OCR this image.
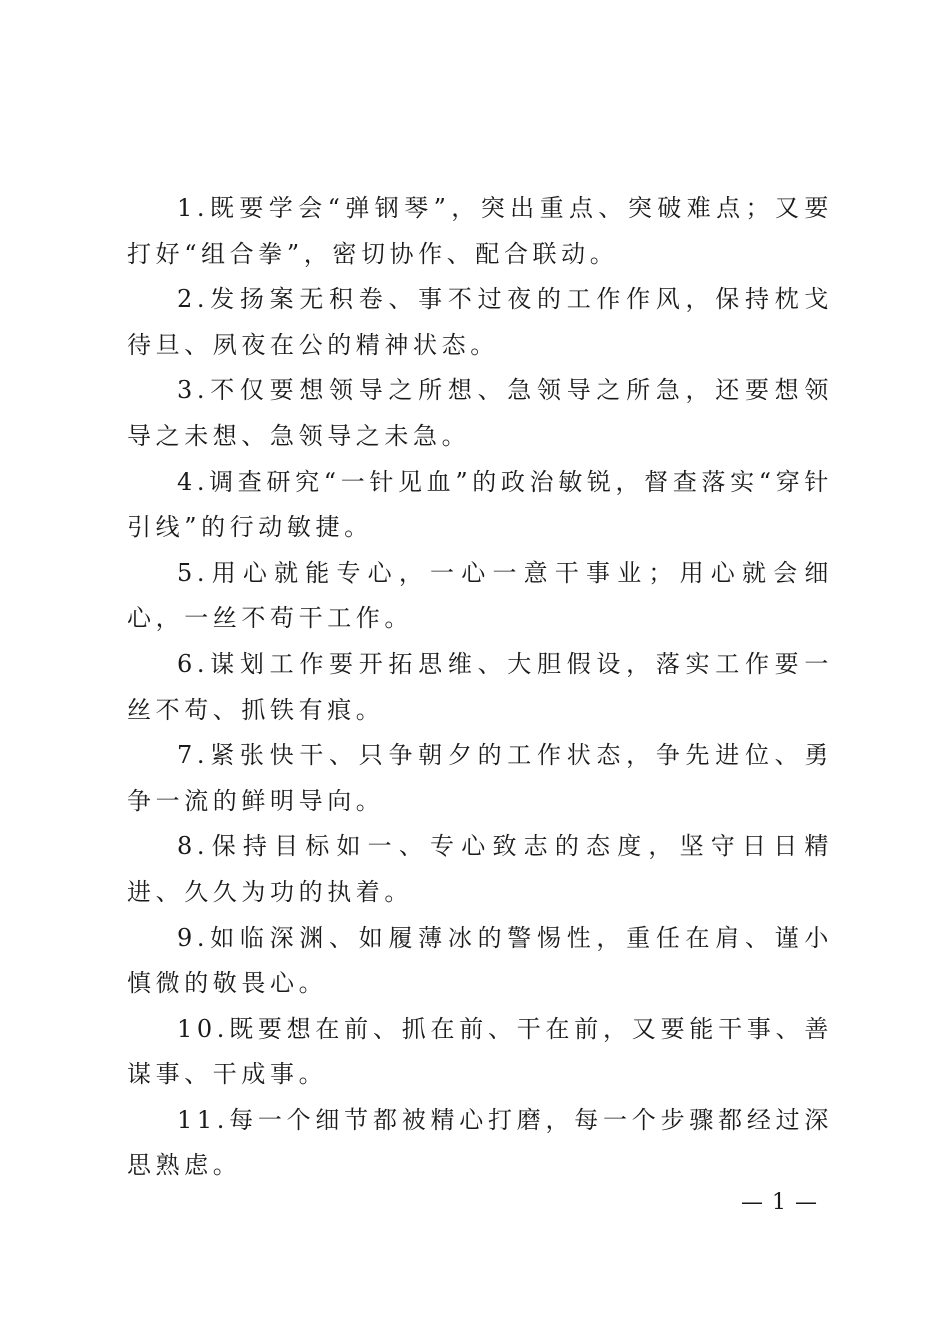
1.既要学会“弹钢琴”，突出重点、突破难点；又要打好“组合拳”，密切协作、配合联动。

2.发扬案无积卷、事不过夜的工作作风，保持枕戈待旦、夙夜在公的精神状态。

3.不仅要想领导之所想、急领导之所急，还要想领导之未想、急领导之未急。

4.调查研究“一针见血”的政治敏锐，督查落实“穿针引线”的行动敏捷。

5.用心就能专心，一心一意干事业；用心就会细心，一丝不苟干工作。

6.谋划工作要开拓思维、大胆假设，落实工作要一丝不苟、抓铁有痕。

7.紧张快干、只争朝夕的工作状态，争先进位、勇争一流的鲜明导向。

8.保持目标如一、专心致志的态度，坚守日日精进、久久为功的执着。

9.如临深渊、如履薄冰的警惕性，重任在肩、谨小慎微的敬畏心。

10.既要想在前、抓在前、干在前，又要能干事、善谋事、干成事。

11.每一个细节都被精心打磨，每一个步骤都经过深思熟虑。

— 1 —
